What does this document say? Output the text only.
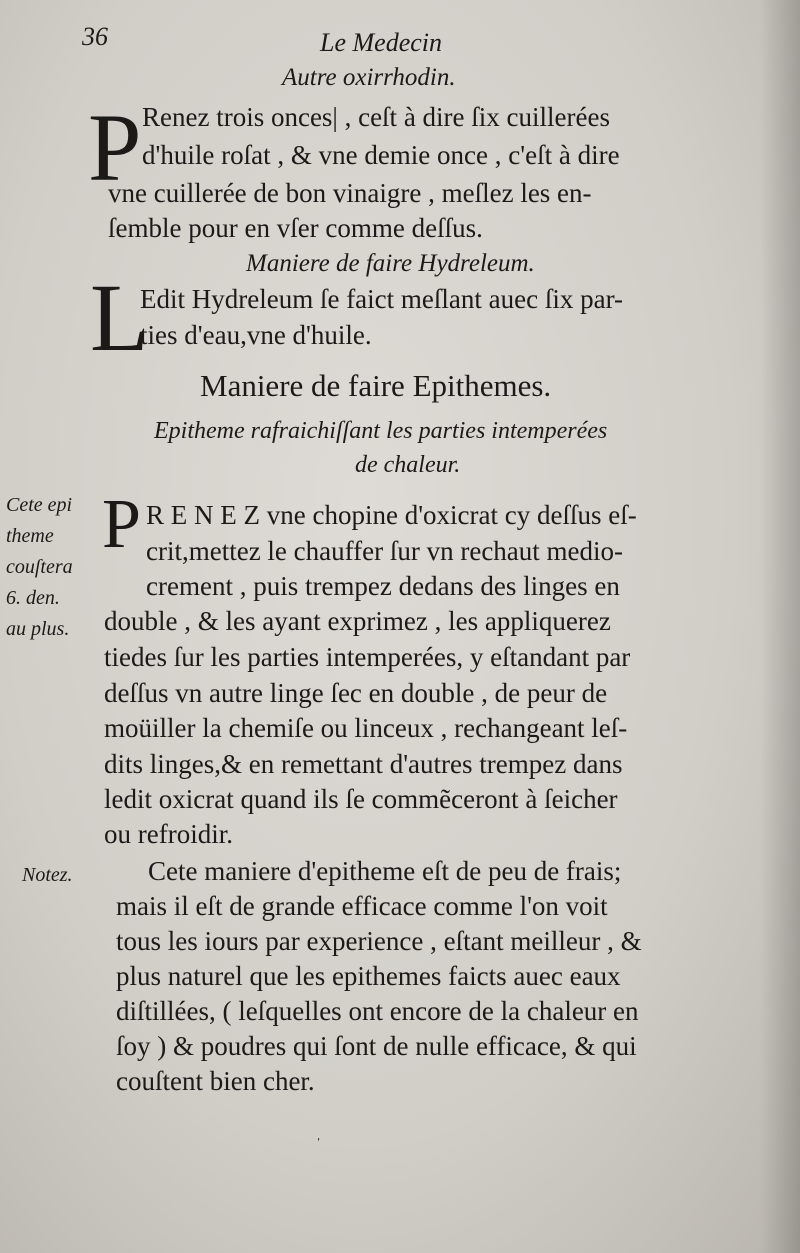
36	Le Medecin
Autre oxirrhodin.
P Renez trois onces| , ceſt à dire ſix cuillerées
d'huile roſat , & vne demie once , c'eſt à dire
vne cuillerée de bon vinaigre , meſlez les en-
ſemble pour en vſer comme deſſus.
Maniere de faire Hydreleum.
L
Edit Hydreleum ſe faict meſlant auec ſix par-
ties d'eau,vne d'huile.
Maniere de faire Epithemes.
Epitheme rafraichiſſant les parties intemperées
de chaleur.
Cete epi
theme
couſtera
6. den.
au plus.
P R E N E Z vne chopine d'oxicrat cy deſſus eſ-
crit,mettez le chauffer ſur vn rechaut medio-
crement , puis trempez dedans des linges en
double , & les ayant exprimez , les appliquerez
tiedes ſur les parties intemperées, y eſtandant par
deſſus vn autre linge ſec en double , de peur de
moüiller la chemiſe ou linceux , rechangeant leſ-
dits linges,& en remettant d'autres trempez dans
ledit oxicrat quand ils ſe commẽceront à ſeicher
ou refroidir.
Notez.	Cete maniere d'epitheme eſt de peu de frais;
mais il eſt de grande efficace comme l'on voit
tous les iours par experience , eſtant meilleur , &
plus naturel que les epithemes faicts auec eaux
diſtillées, ( leſquelles ont encore de la chaleur en
ſoy ) & poudres qui ſont de nulle efficace, & qui
couſtent bien cher.
ˌ
